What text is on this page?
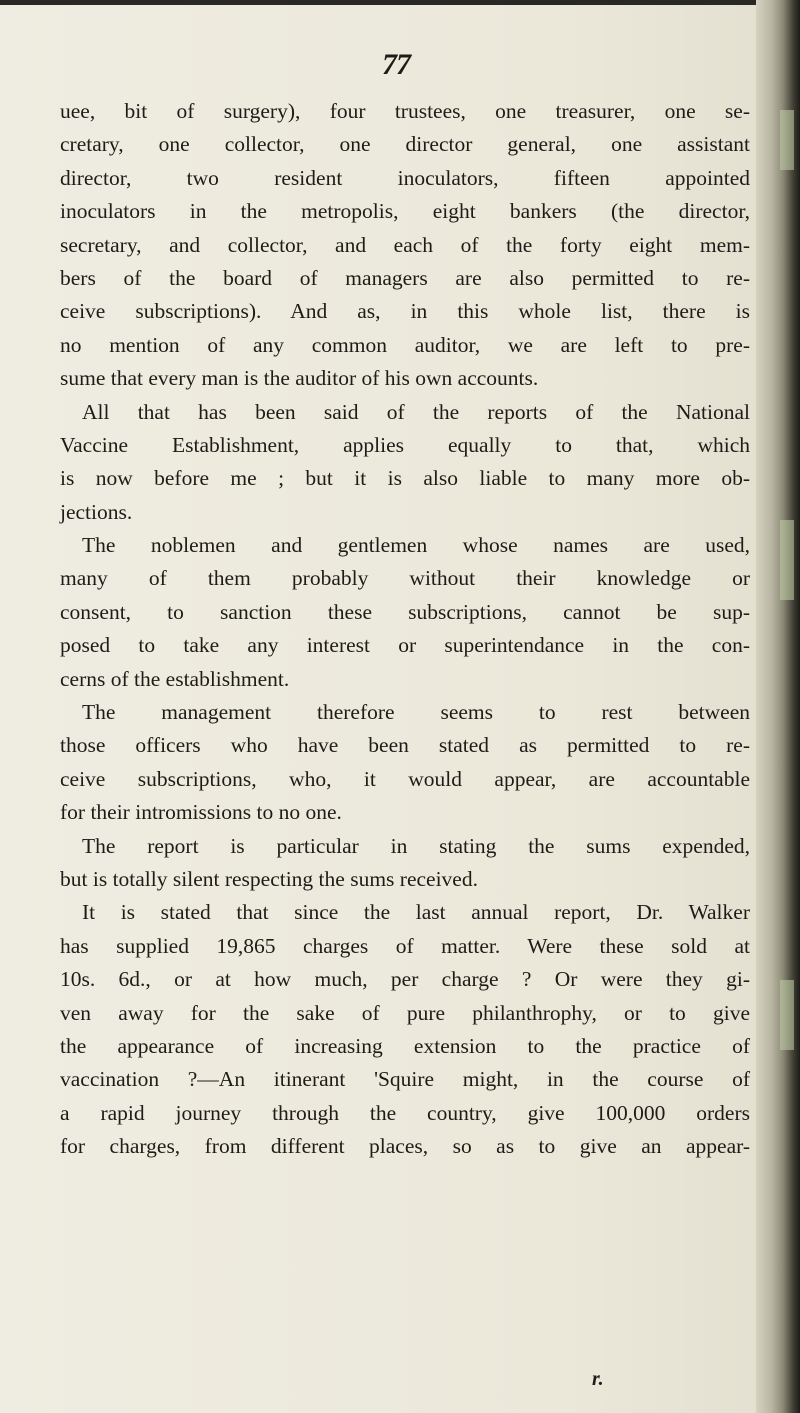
77
uee, bit of surgery), four trustees, one treasurer, one se-
cretary, one collector, one director general, one assistant
director, two resident inoculators, fifteen appointed
inoculators in the metropolis, eight bankers (the director,
secretary, and collector, and each of the forty eight mem-
bers of the board of managers are also permitted to re-
ceive subscriptions). And as, in this whole list, there is
no mention of any common auditor, we are left to pre-
sume that every man is the auditor of his own accounts.
All that has been said of the reports of the National
Vaccine Establishment, applies equally to that, which
is now before me ; but it is also liable to many more ob-
jections.
The noblemen and gentlemen whose names are used,
many of them probably without their knowledge or
consent, to sanction these subscriptions, cannot be sup-
posed to take any interest or superintendance in the con-
cerns of the establishment.
The management therefore seems to rest between
those officers who have been stated as permitted to re-
ceive subscriptions, who, it would appear, are accountable
for their intromissions to no one.
The report is particular in stating the sums expended,
but is totally silent respecting the sums received.
It is stated that since the last annual report, Dr. Walker
has supplied 19,865 charges of matter. Were these sold at
10s. 6d., or at how much, per charge ? Or were they gi-
ven away for the sake of pure philanthrophy, or to give
the appearance of increasing extension to the practice of
vaccination ?—An itinerant 'Squire might, in the course of
a rapid journey through the country, give 100,000 orders
for charges, from different places, so as to give an appear-
r.
